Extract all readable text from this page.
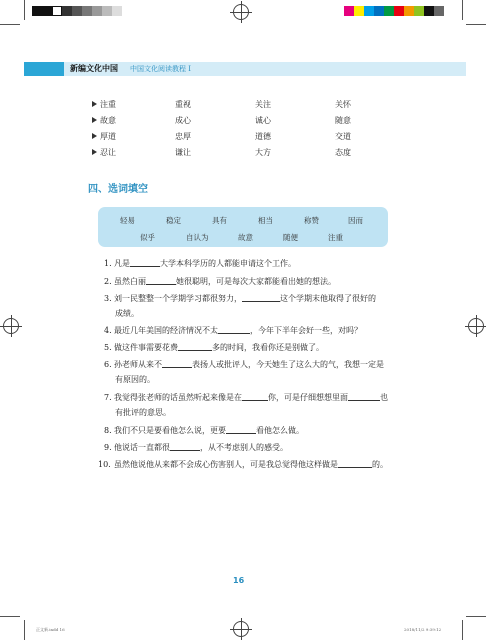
新编文化中国 中国文化阅读教程 Ⅰ
注重	重视	关注	关怀
故意	成心	诚心	随意
厚道	忠厚	道德	交道
忍让	谦让	大方	态度
四、选词填空
轻易	稳定	具有	相当	称赞	因而
似乎	自认为	故意	随便	注重
1. 凡是	大学本科学历的人都能申请这个工作。
2. 虽然白丽	她很聪明，可是每次大家都能看出她的想法。
3. 刘一民整整一个学期学习都很努力，	这个学期末他取得了很好的
成绩。
4. 最近几年美国的经济情况不太	，今年下半年会好一些，对吗？
5. 做这件事需要花费	多的时间，我看你还是别做了。
6. 孙老师从来不	表扬人或批评人，今天她生了这么大的气，我想一定是
有原因的。
7. 我觉得张老师的话虽然听起来像是在	你，可是仔细想想里面	也
有批评的意思。
8. 我们不只是要看他怎么说，更要	看他怎么做。
9. 他说话一直都很	，从不考虑别人的感受。
10. 虽然他说他从来都不会成心伤害别人，可是我总觉得他这样做是	的。
16
正文新.indd 16	2018/11/2 9:39:12
